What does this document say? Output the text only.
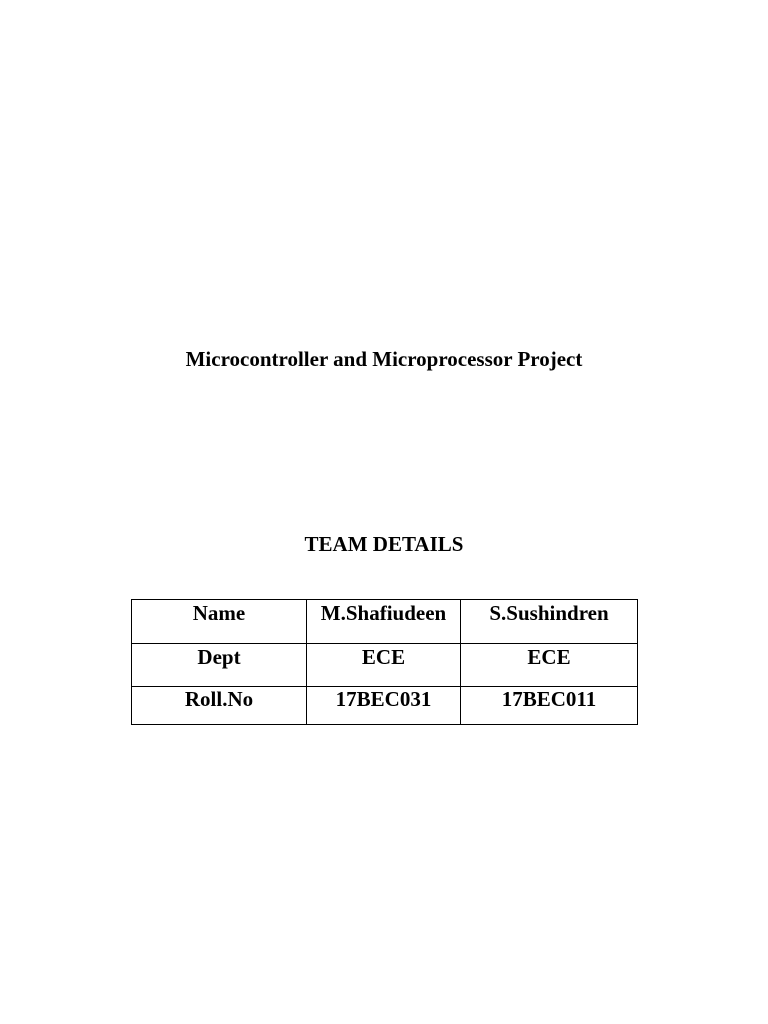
Microcontroller and Microprocessor Project
TEAM DETAILS
Name	M.Shafiudeen	S.Sushindren
Dept	ECE	ECE
Roll.No	17BEC031	17BEC011
